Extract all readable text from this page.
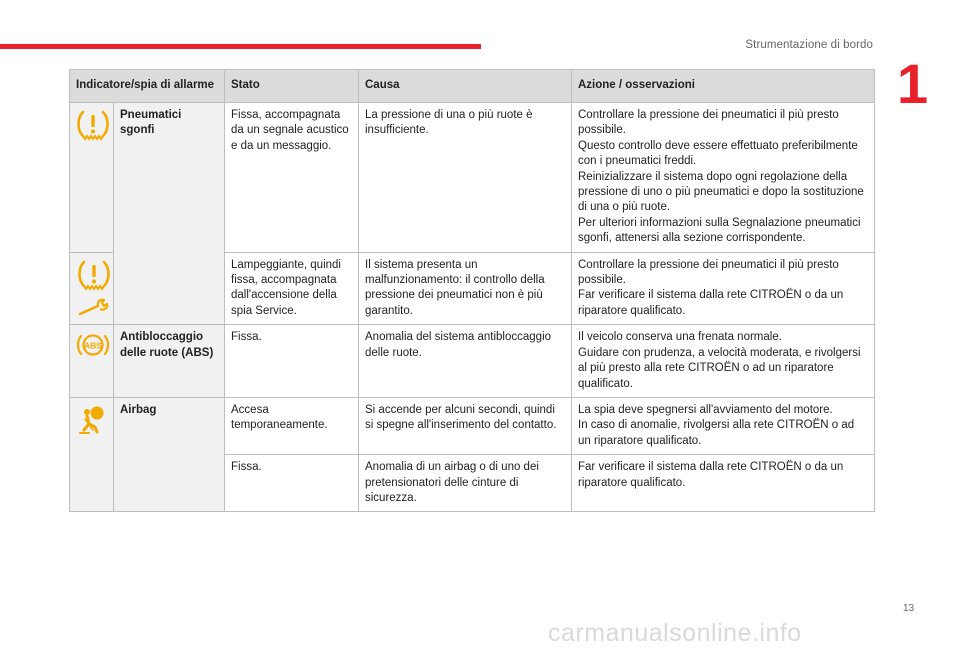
Strumentazione di bordo
1
Indicatore/spia di allarme		Stato	Causa	Azione / osservazioni

	Pneumatici sgonfi	Fissa, accompagnata da un segnale acustico e da un messaggio.	La pressione di una o più ruote è insufficiente.	Controllare la pressione dei pneumatici il più presto possibile.
Questo controllo deve essere effettuato preferibilmente con i pneumatici freddi.
Reinizializzare il sistema dopo ogni regolazione della pressione di uno o più pneumatici e dopo la sostituzione di una o più ruote.
Per ulteriori informazioni sulla Segnalazione pneumatici sgonfi, attenersi alla sezione corrispondente.

	Lampeggiante, quindi fissa, accompagnata dall'accensione della spia Service.	Il sistema presenta un malfunzionamento: il controllo della pressione dei pneumatici non è più garantito.	Controllare la pressione dei pneumatici il più presto possibile.
Far verificare il sistema dalla rete CITROËN o da un riparatore qualificato.

ABS	Antibloccaggio delle ruote (ABS)	Fissa.	Anomalia del sistema antibloccaggio delle ruote.	Il veicolo conserva una frenata normale.
Guidare con prudenza, a velocità moderata, e rivolgersi al più presto alla rete CITROËN o ad un riparatore qualificato.

	Airbag	Accesa temporaneamente.	Si accende per alcuni secondi, quindi si spegne all'inserimento del contatto.	La spia deve spegnersi all'avviamento del motore.
In caso di anomalie, rivolgersi alla rete CITROËN o ad un riparatore qualificato.

		Fissa.	Anomalia di un airbag o di uno dei pretensionatori delle cinture di sicurezza.	Far verificare il sistema dalla rete CITROËN o da un riparatore qualificato.
13
carmanualsonline.info
